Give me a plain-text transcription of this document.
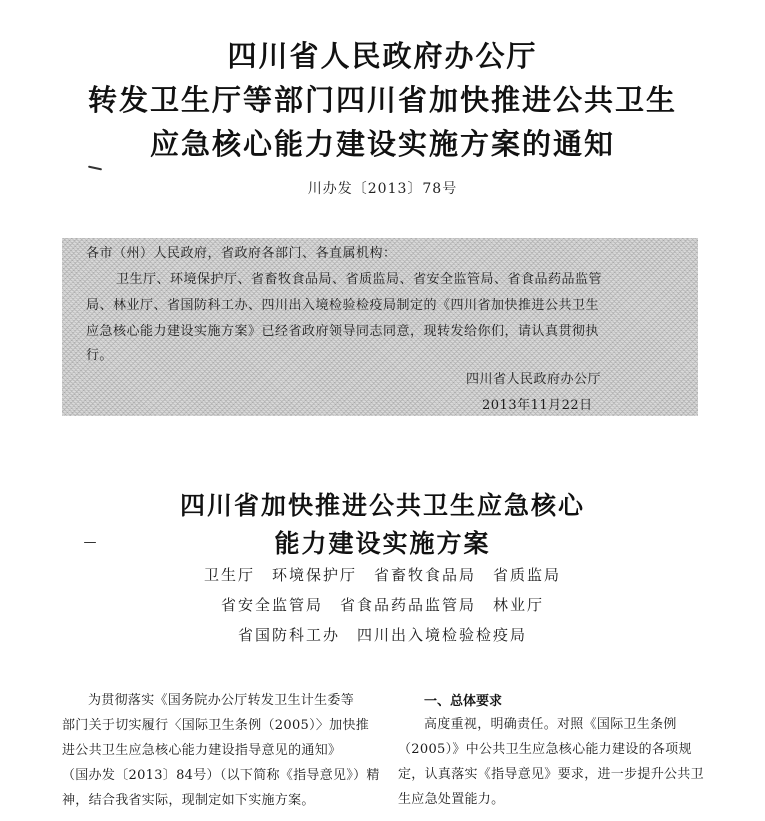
四川省人民政府办公厅
转发卫生厅等部门四川省加快推进公共卫生
应急核心能力建设实施方案的通知
川办发〔2013〕78号
各市（州）人民政府，省政府各部门、各直属机构：
卫生厅、环境保护厅、省畜牧食品局、省质监局、省安全监管局、省食品药品监管
局、林业厅、省国防科工办、四川出入境检验检疫局制定的《四川省加快推进公共卫生
应急核心能力建设实施方案》已经省政府领导同志同意，现转发给你们，请认真贯彻执
行。
四川省人民政府办公厅
2013年11月22日
四川省加快推进公共卫生应急核心
能力建设实施方案
卫生厅　环境保护厅　省畜牧食品局　省质监局
省安全监管局　省食品药品监管局　林业厅
省国防科工办　四川出入境检验检疫局
为贯彻落实《国务院办公厅转发卫生计生委等
部门关于切实履行〈国际卫生条例（2005）〉加快推
进公共卫生应急核心能力建设指导意见的通知》
（国办发〔2013〕84号）（以下简称《指导意见》）精
神，结合我省实际，现制定如下实施方案。
一、总体要求
高度重视，明确责任。对照《国际卫生条例
（2005）》中公共卫生应急核心能力建设的各项规
定，认真落实《指导意见》要求，进一步提升公共卫
生应急处置能力。
